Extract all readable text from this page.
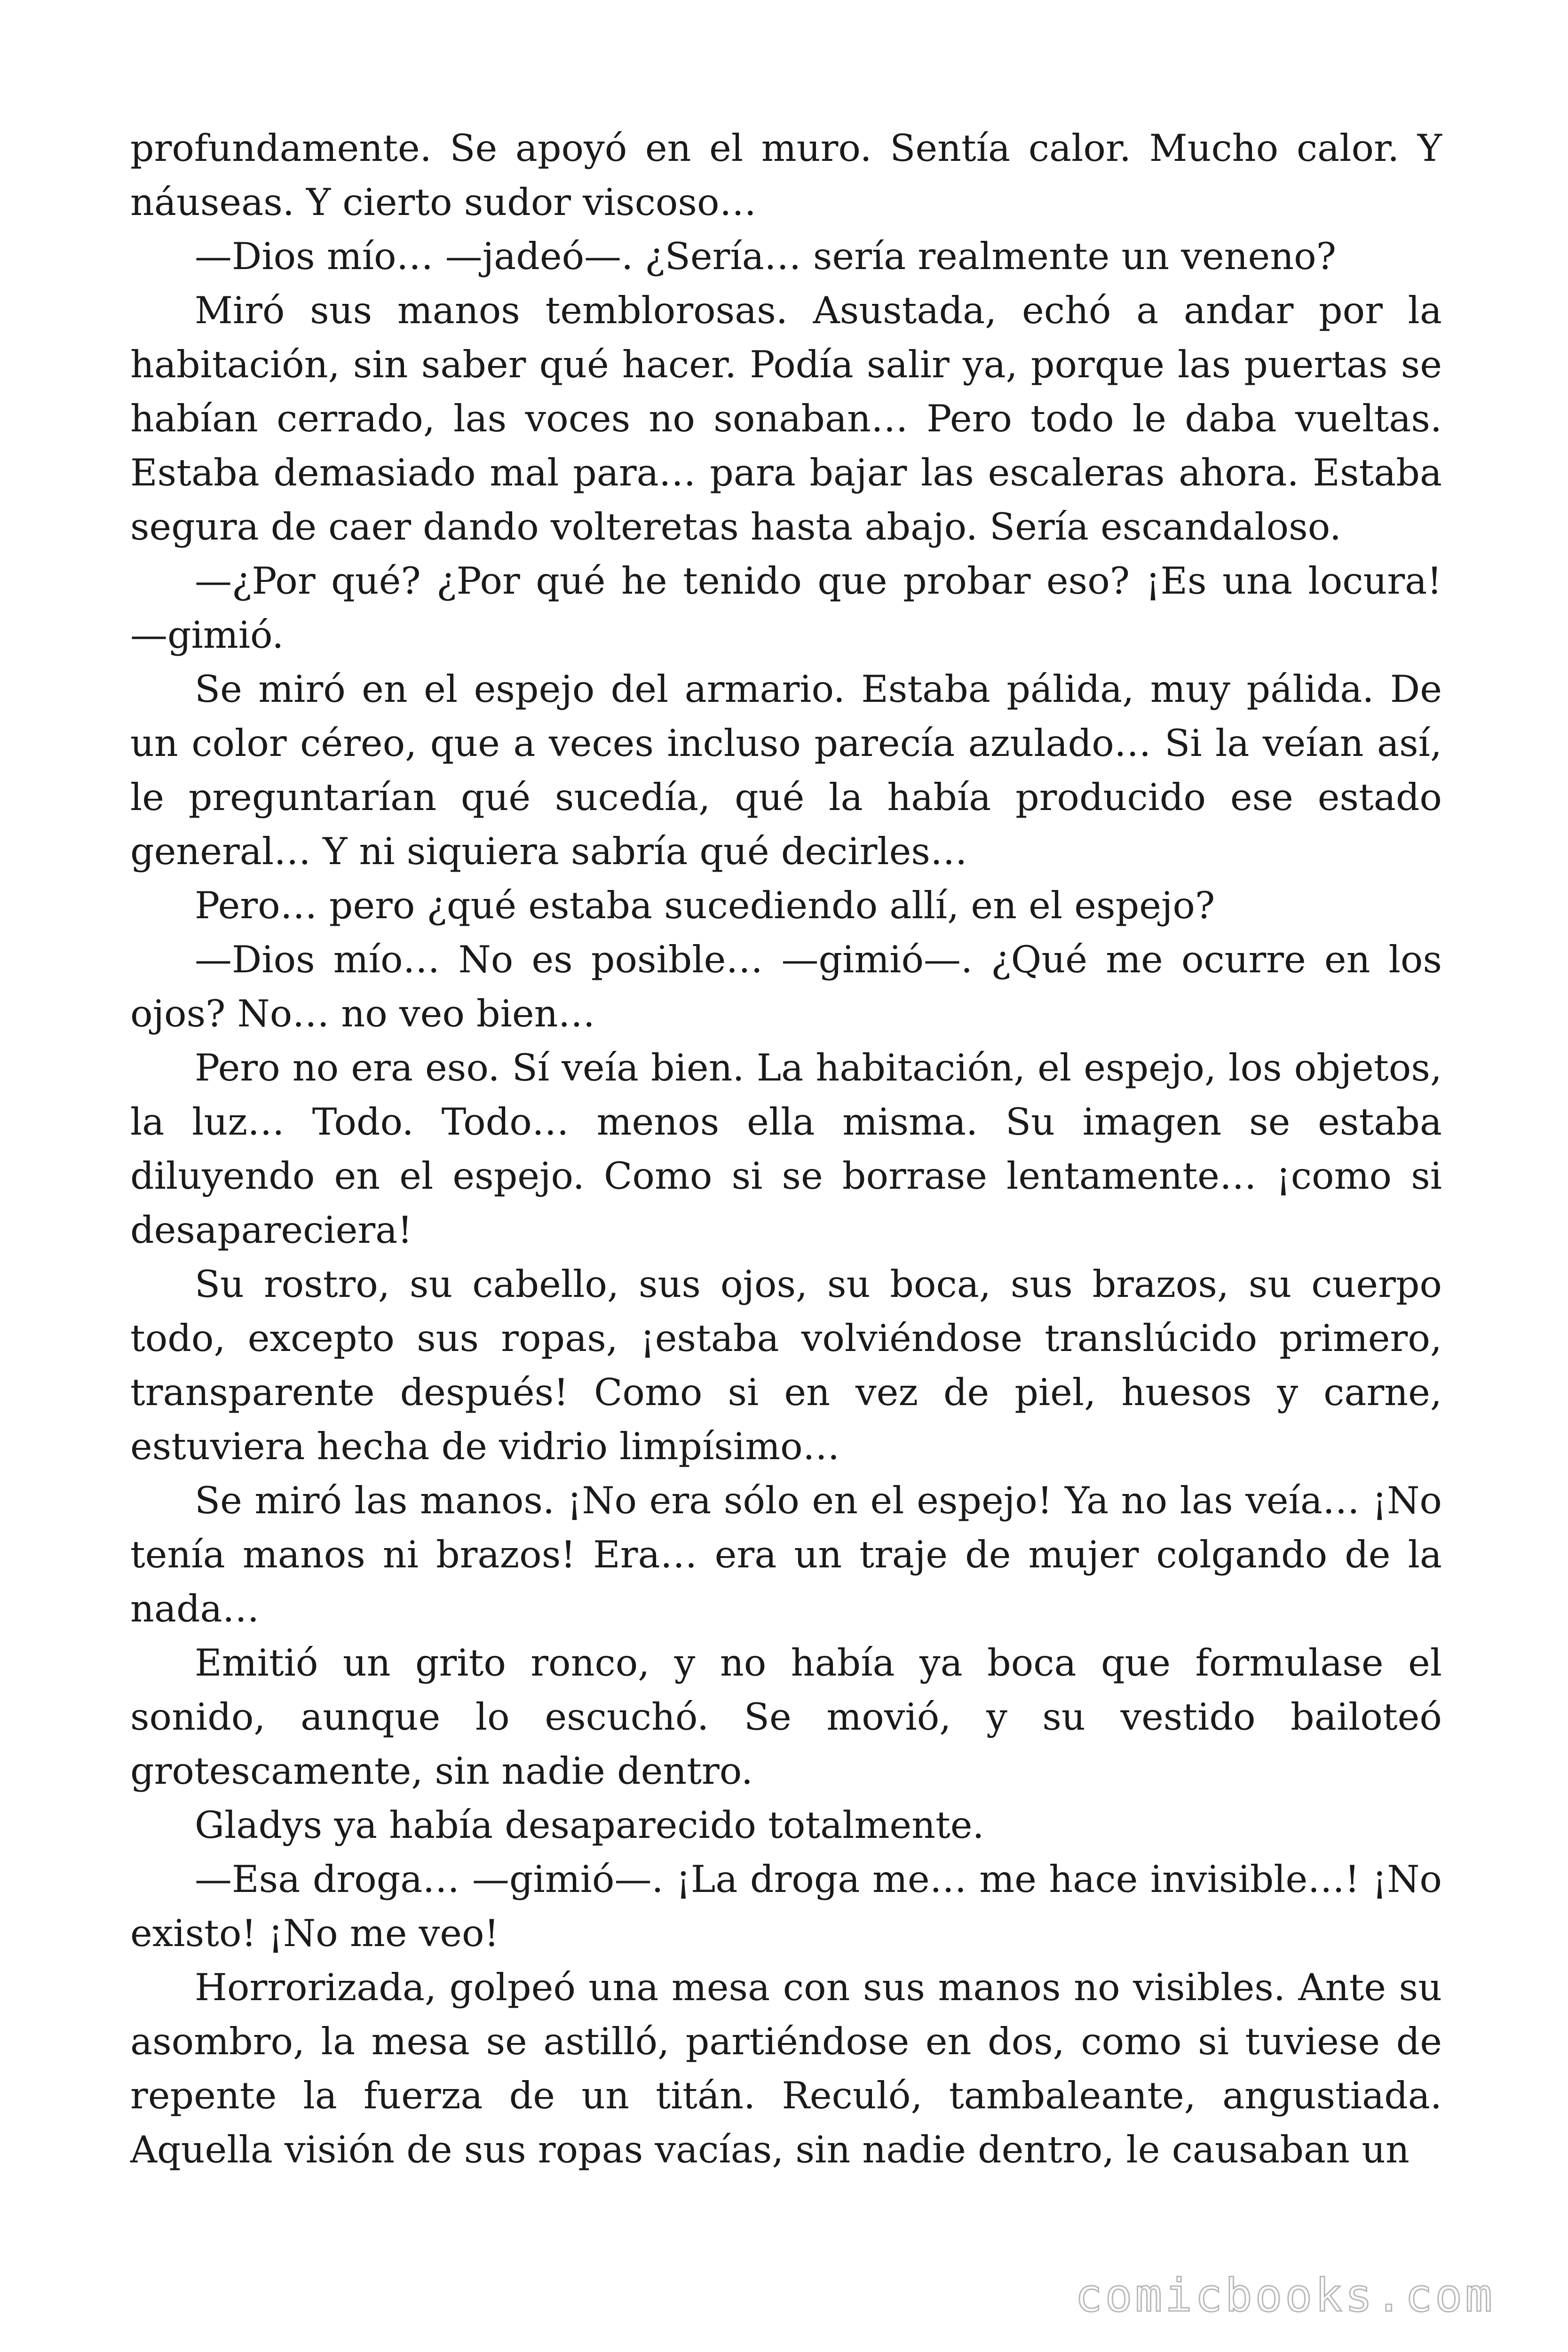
profundamente. Se apoyó en el muro. Sentía calor. Mucho calor. Y náuseas. Y cierto sudor viscoso…

—Dios mío… —jadeó—. ¿Sería… sería realmente un veneno?

Miró sus manos temblorosas. Asustada, echó a andar por la habitación, sin saber qué hacer. Podía salir ya, porque las puertas se habían cerrado, las voces no sonaban… Pero todo le daba vueltas. Estaba demasiado mal para… para bajar las escaleras ahora. Estaba segura de caer dando volteretas hasta abajo. Sería escandaloso.

—¿Por qué? ¿Por qué he tenido que probar eso? ¡Es una locura! —gimió.

Se miró en el espejo del armario. Estaba pálida, muy pálida. De un color céreo, que a veces incluso parecía azulado… Si la veían así, le preguntarían qué sucedía, qué la había producido ese estado general… Y ni siquiera sabría qué decirles…

Pero… pero ¿qué estaba sucediendo allí, en el espejo?

—Dios mío… No es posible… —gimió—. ¿Qué me ocurre en los ojos? No… no veo bien…

Pero no era eso. Sí veía bien. La habitación, el espejo, los objetos, la luz… Todo. Todo… menos ella misma. Su imagen se estaba diluyendo en el espejo. Como si se borrase lentamente… ¡como si desapareciera!

Su rostro, su cabello, sus ojos, su boca, sus brazos, su cuerpo todo, excepto sus ropas, ¡estaba volviéndose translúcido primero, transparente después! Como si en vez de piel, huesos y carne, estuviera hecha de vidrio limpísimo…

Se miró las manos. ¡No era sólo en el espejo! Ya no las veía… ¡No tenía manos ni brazos! Era… era un traje de mujer colgando de la nada…

Emitió un grito ronco, y no había ya boca que formulase el sonido, aunque lo escuchó. Se movió, y su vestido bailoteó grotescamente, sin nadie dentro.

Gladys ya había desaparecido totalmente.

—Esa droga… —gimió—. ¡La droga me… me hace invisible…! ¡No existo! ¡No me veo!

Horrorizada, golpeó una mesa con sus manos no visibles. Ante su asombro, la mesa se astilló, partiéndose en dos, como si tuviese de repente la fuerza de un titán. Reculó, tambaleante, angustiada. Aquella visión de sus ropas vacías, sin nadie dentro, le causaban un

comicbooks.com
